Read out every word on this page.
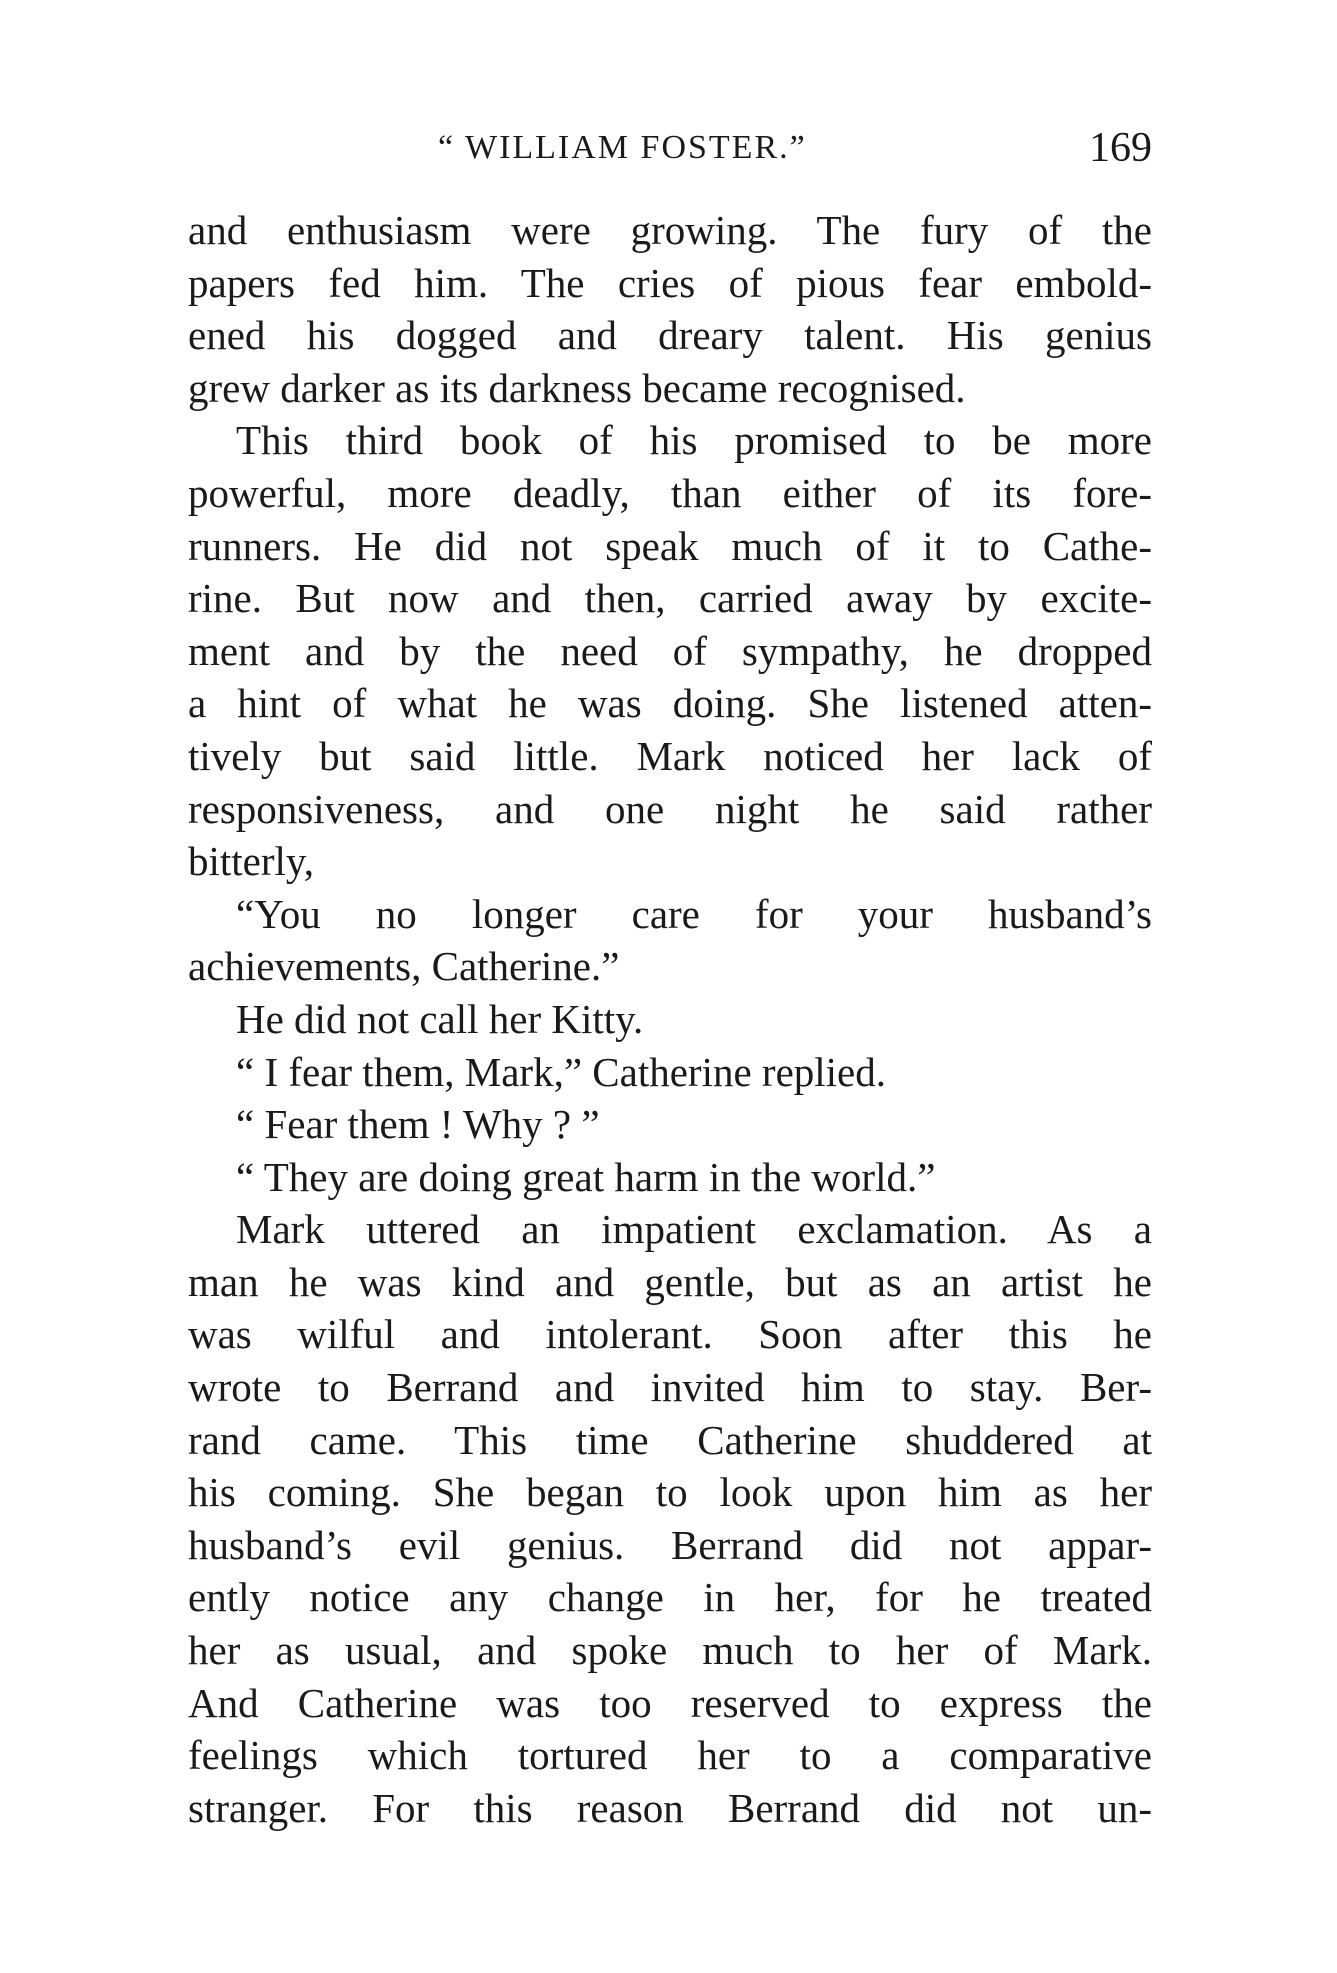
“ WILLIAM FOSTER.”	169
and enthusiasm were growing. The fury of the
papers fed him. The cries of pious fear embold-
ened his dogged and dreary talent. His genius
grew darker as its darkness became recognised.
This third book of his promised to be more
powerful, more deadly, than either of its fore-
runners. He did not speak much of it to Cathe-
rine. But now and then, carried away by excite-
ment and by the need of sympathy, he dropped
a hint of what he was doing. She listened atten-
tively but said little. Mark noticed her lack of
responsiveness, and one night he said rather
bitterly,
“You no longer care for your husband’s
achievements, Catherine.”
He did not call her Kitty.
“ I fear them, Mark,” Catherine replied.
“ Fear them ! Why ? ”
“ They are doing great harm in the world.”
Mark uttered an impatient exclamation. As a
man he was kind and gentle, but as an artist he
was wilful and intolerant. Soon after this he
wrote to Berrand and invited him to stay. Ber-
rand came. This time Catherine shuddered at
his coming. She began to look upon him as her
husband’s evil genius. Berrand did not appar-
ently notice any change in her, for he treated
her as usual, and spoke much to her of Mark.
And Catherine was too reserved to express the
feelings which tortured her to a comparative
stranger. For this reason Berrand did not un-
